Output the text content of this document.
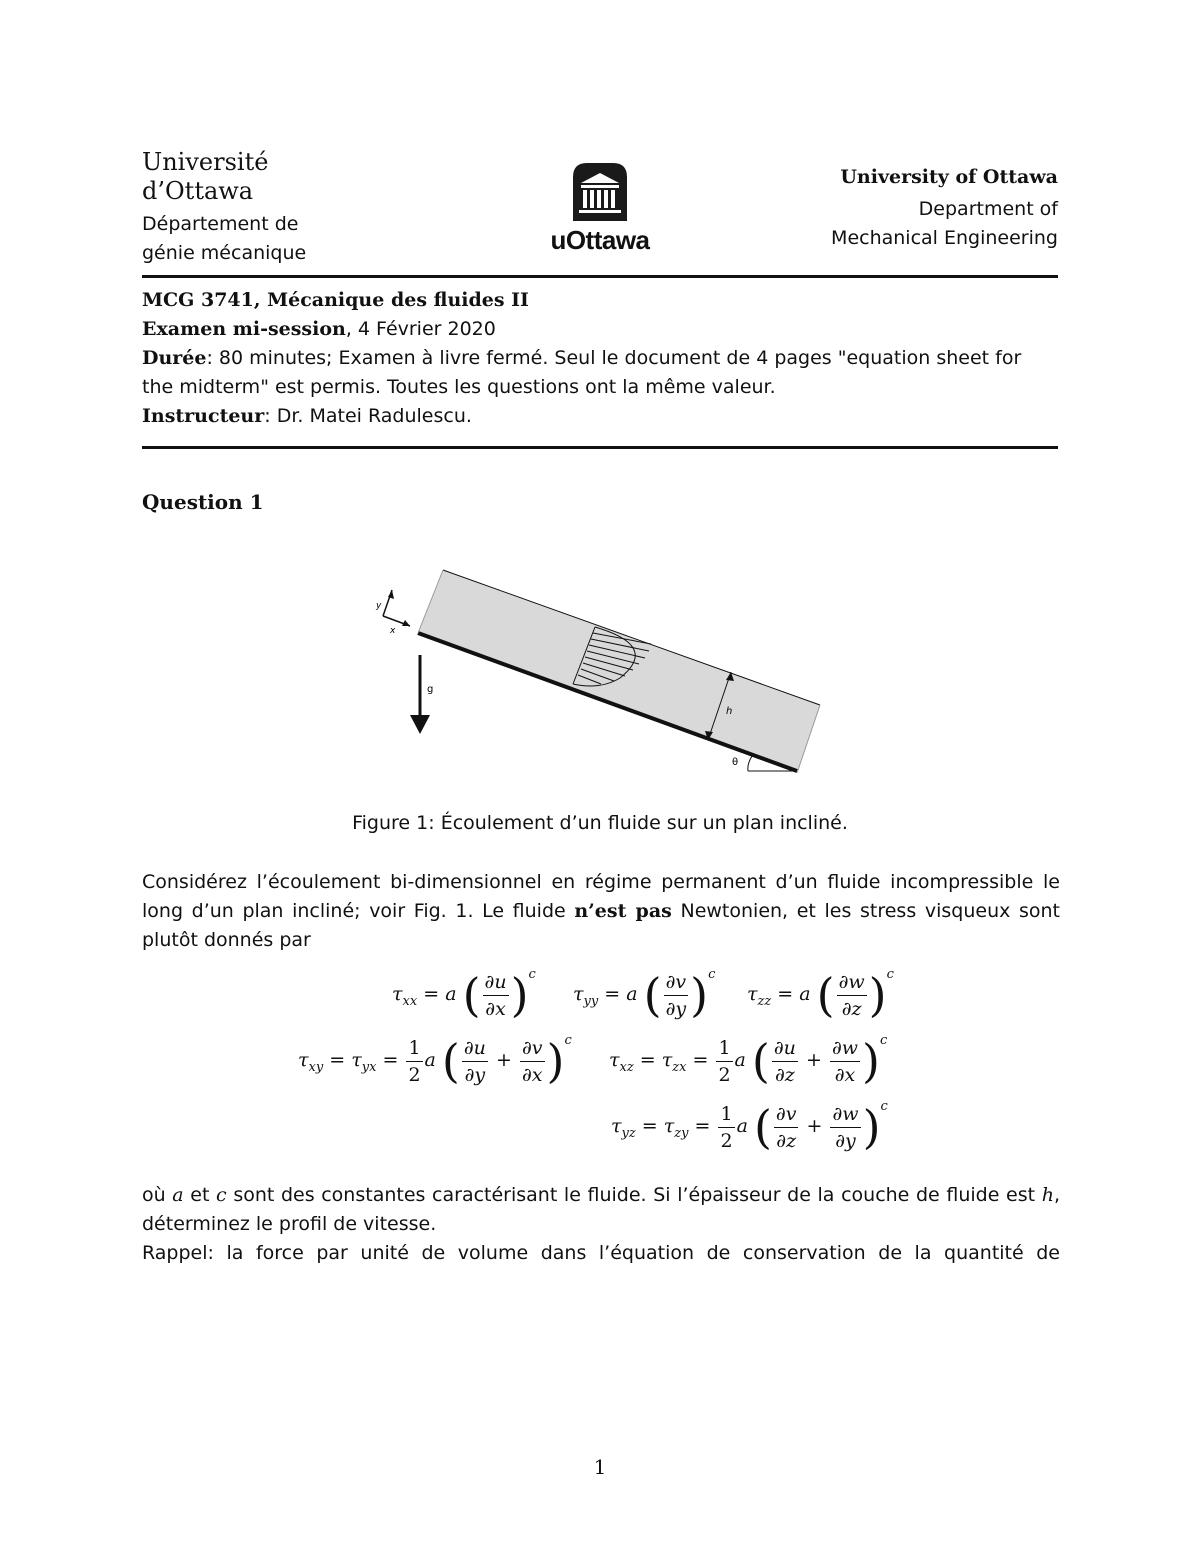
Université
d’Ottawa
Département de
génie mécanique	uOttawa
University of Ottawa
Department of
Mechanical Engineering
MCG 3741, Mécanique des fluides II
Examen mi-session, 4 Février 2020
Durée: 80 minutes; Examen à livre fermé. Seul le document de 4 pages "equation sheet for
the midterm" est permis. Toutes les questions ont la même valeur.
Instructeur: Dr. Matei Radulescu.
Question 1
h
g
x
y
θ
Figure 1: Écoulement d’un fluide sur un plan incliné.
Considérez l’écoulement bi-dimensionnel en régime permanent d’un fluide incompressible le long d’un plan incliné; voir Fig. 1. Le fluide n’est pas Newtonien, et les stress visqueux sont plutôt donnés par
$\tau_{xx} = a$ ( $\frac{\partial u}{\partial x} )^c$
$\tau_{yy} = a$ ( $\frac{\partial v}{\partial y} )^c$
$\tau_{zz} = a$ ( $\frac{\partial w}{\partial z} )^c$
$\tau_{xy} = \tau_{yx} = \frac{1}{2}$ a ( $\frac{\partial u}{\partial y} + \frac{\partial v}{\partial x} )^c$
$\tau_{xz} = \tau_{zx} = \frac{1}{2}$ a ( $\frac{\partial u}{\partial z} + \frac{\partial w}{\partial x} )^c$
$\tau_{yz} = \tau_{zy} = \frac{1}{2}$ a ( $\frac{\partial v}{\partial z} + \frac{\partial w}{\partial y} )^c$
où a et c sont des constantes caractérisant le fluide. Si l’épaisseur de la couche de fluide est h, déterminez le profil de vitesse.
Rappel: la force par unité de volume dans l’équation de conservation de la quantité de
1
